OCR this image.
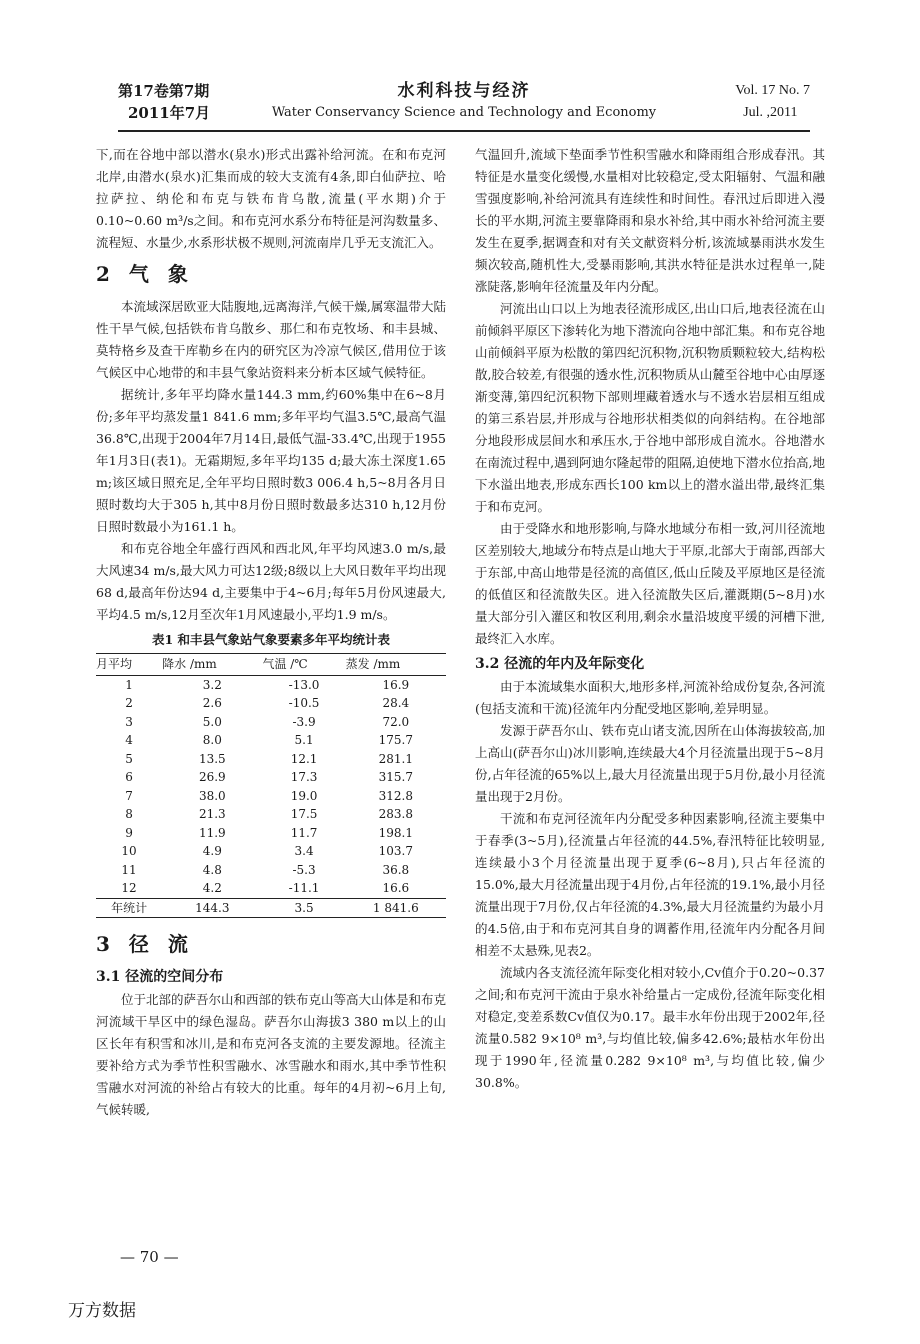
第17卷第7期
2011年7月
水利科技与经济
Water Conservancy Science and Technology and Economy
Vol. 17 No. 7
Jul. ,2011

下,而在谷地中部以潜水(泉水)形式出露补给河流。在和布克河北岸,由潜水(泉水)汇集而成的较大支流有4条,即白仙萨拉、哈拉萨拉、纳伦和布克与铁布肯乌散,流量(平水期)介于0.10~0.60 m³/s之间。和布克河水系分布特征是河沟数量多、流程短、水量少,水系形状极不规则,河流南岸几乎无支流汇入。

2 气 象

本流域深居欧亚大陆腹地,远离海洋,气候干燥,属寒温带大陆性干旱气候,包括铁布肯乌散乡、那仁和布克牧场、和丰县城、莫特格乡及查干库勒乡在内的研究区为冷凉气候区,借用位于该气候区中心地带的和丰县气象站资料来分析本区域气候特征。

据统计,多年平均降水量144.3 mm,约60%集中在6~8月份;多年平均蒸发量1 841.6 mm;多年平均气温3.5℃,最高气温36.8℃,出现于2004年7月14日,最低气温-33.4℃,出现于1955年1月3日(表1)。无霜期短,多年平均135 d;最大冻土深度1.65 m;该区域日照充足,全年平均日照时数3 006.4 h,5~8月各月日照时数均大于305 h,其中8月份日照时数最多达310 h,12月份日照时数最小为161.1 h。

和布克谷地全年盛行西风和西北风,年平均风速3.0 m/s,最大风速34 m/s,最大风力可达12级;8级以上大风日数年平均出现68 d,最高年份达94 d,主要集中于4~6月;每年5月份风速最大,平均4.5 m/s,12月至次年1月风速最小,平均1.9 m/s。

表1 和丰县气象站气象要素多年平均统计表
月平均	降水 /mm	气温 /℃	蒸发 /mm
1	3.2	-13.0	16.9
2	2.6	-10.5	28.4
3	5.0	-3.9	72.0
4	8.0	5.1	175.7
5	13.5	12.1	281.1
6	26.9	17.3	315.7
7	38.0	19.0	312.8
8	21.3	17.5	283.8
9	11.9	11.7	198.1
10	4.9	3.4	103.7
11	4.8	-5.3	36.8
12	4.2	-11.1	16.6
年统计	144.3	3.5	1 841.6
3 径 流
3.1 径流的空间分布

位于北部的萨吾尔山和西部的铁布克山等高大山体是和布克河流域干旱区中的绿色湿岛。萨吾尔山海拔3 380 m以上的山区长年有积雪和冰川,是和布克河各支流的主要发源地。径流主要补给方式为季节性积雪融水、冰雪融水和雨水,其中季节性积雪融水对河流的补给占有较大的比重。每年的4月初~6月上旬,气候转暖,

气温回升,流域下垫面季节性积雪融水和降雨组合形成春汛。其特征是水量变化缓慢,水量相对比较稳定,受太阳辐射、气温和融雪强度影响,补给河流具有连续性和时间性。春汛过后即进入漫长的平水期,河流主要靠降雨和泉水补给,其中雨水补给河流主要发生在夏季,据调查和对有关文献资料分析,该流域暴雨洪水发生频次较高,随机性大,受暴雨影响,其洪水特征是洪水过程单一,陡涨陡落,影响年径流量及年内分配。

河流出山口以上为地表径流形成区,出山口后,地表径流在山前倾斜平原区下渗转化为地下潜流向谷地中部汇集。和布克谷地山前倾斜平原为松散的第四纪沉积物,沉积物质颗粒较大,结构松散,胶合较差,有很强的透水性,沉积物质从山麓至谷地中心由厚逐渐变薄,第四纪沉积物下部则埋藏着透水与不透水岩层相互组成的第三系岩层,并形成与谷地形状相类似的向斜结构。在谷地部分地段形成层间水和承压水,于谷地中部形成自流水。谷地潜水在南流过程中,遇到阿迪尔隆起带的阻隔,迫使地下潜水位抬高,地下水溢出地表,形成东西长100 km以上的潜水溢出带,最终汇集于和布克河。

由于受降水和地形影响,与降水地域分布相一致,河川径流地区差别较大,地域分布特点是山地大于平原,北部大于南部,西部大于东部,中高山地带是径流的高值区,低山丘陵及平原地区是径流的低值区和径流散失区。进入径流散失区后,灌溉期(5~8月)水量大部分引入灌区和牧区利用,剩余水量沿坡度平缓的河槽下泄,最终汇入水库。

3.2 径流的年内及年际变化

由于本流域集水面积大,地形多样,河流补给成份复杂,各河流(包括支流和干流)径流年内分配受地区影响,差异明显。

发源于萨吾尔山、铁布克山诸支流,因所在山体海拔较高,加上高山(萨吾尔山)冰川影响,连续最大4个月径流量出现于5~8月份,占年径流的65%以上,最大月径流量出现于5月份,最小月径流量出现于2月份。

干流和布克河径流年内分配受多种因素影响,径流主要集中于春季(3~5月),径流量占年径流的44.5%,春汛特征比较明显,连续最小3个月径流量出现于夏季(6~8月),只占年径流的15.0%,最大月径流量出现于4月份,占年径流的19.1%,最小月径流量出现于7月份,仅占年径流的4.3%,最大月径流量约为最小月的4.5倍,由于和布克河其自身的调蓄作用,径流年内分配各月间相差不太悬殊,见表2。

流域内各支流径流年际变化相对较小,Cv值介于0.20~0.37之间;和布克河干流由于泉水补给量占一定成份,径流年际变化相对稳定,变差系数Cv值仅为0.17。最丰水年份出现于2002年,径流量0.582 9×10⁸ m³,与均值比较,偏多42.6%;最枯水年份出现于1990年,径流量0.282 9×10⁸ m³,与均值比较,偏少30.8%。

— 70 —
万方数据
